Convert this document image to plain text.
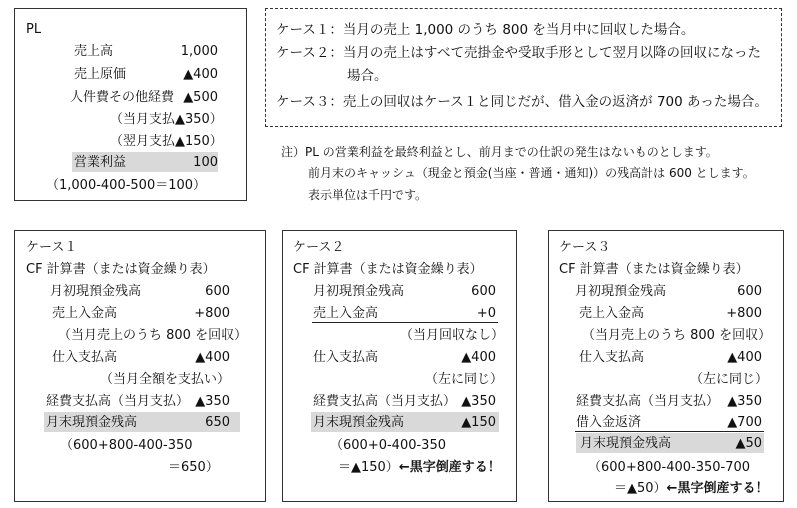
PL
売上高	1,000
売上原価	▲400
人件費その他経費 ▲500
（当月支払▲350）
（翌月支払▲150）
営業利益	100
（1,000-400-500＝100）
ケース１：当月の売上 1,000 のうち 800 を当月中に回収した場合。
ケース２：当月の売上はすべて売掛金や受取手形として翌月以降の回収になった
場合。
ケース３：売上の回収はケース１と同じだが、借入金の返済が 700 あった場合。
注）PL の営業利益を最終利益とし、前月までの仕訳の発生はないものとします。
前月末のキャッシュ（現金と預金(当座・普通・通知)）の残高計は 600 とします。
表示単位は千円です。
ケース１
CF 計算書（または資金繰り表）
月初現預金残高	600
売上入金高	+800
（当月売上のうち 800 を回収）
仕入支払高	▲400
（当月全額を支払い）
経費支払高（当月支払） ▲350
月末現預金残高	650
（600+800-400-350
＝650）
ケース２
CF 計算書（または資金繰り表）
月初現預金残高	600
売上入金高	+0
（当月回収なし）
仕入支払高	▲400
（左に同じ）
経費支払高（当月支払） ▲350
月末現預金残高	▲150
（600+0-400-350
＝▲150）←黒字倒産する！
ケース３
CF 計算書（または資金繰り表）
月初現預金残高	600
売上入金高	+800
（当月売上のうち 800 を回収）
仕入支払高	▲400
（左に同じ）
経費支払高（当月支払） ▲350
借入金返済	▲700
月末現預金残高	▲50
（600+800-400-350-700
＝▲50）←黒字倒産する！
